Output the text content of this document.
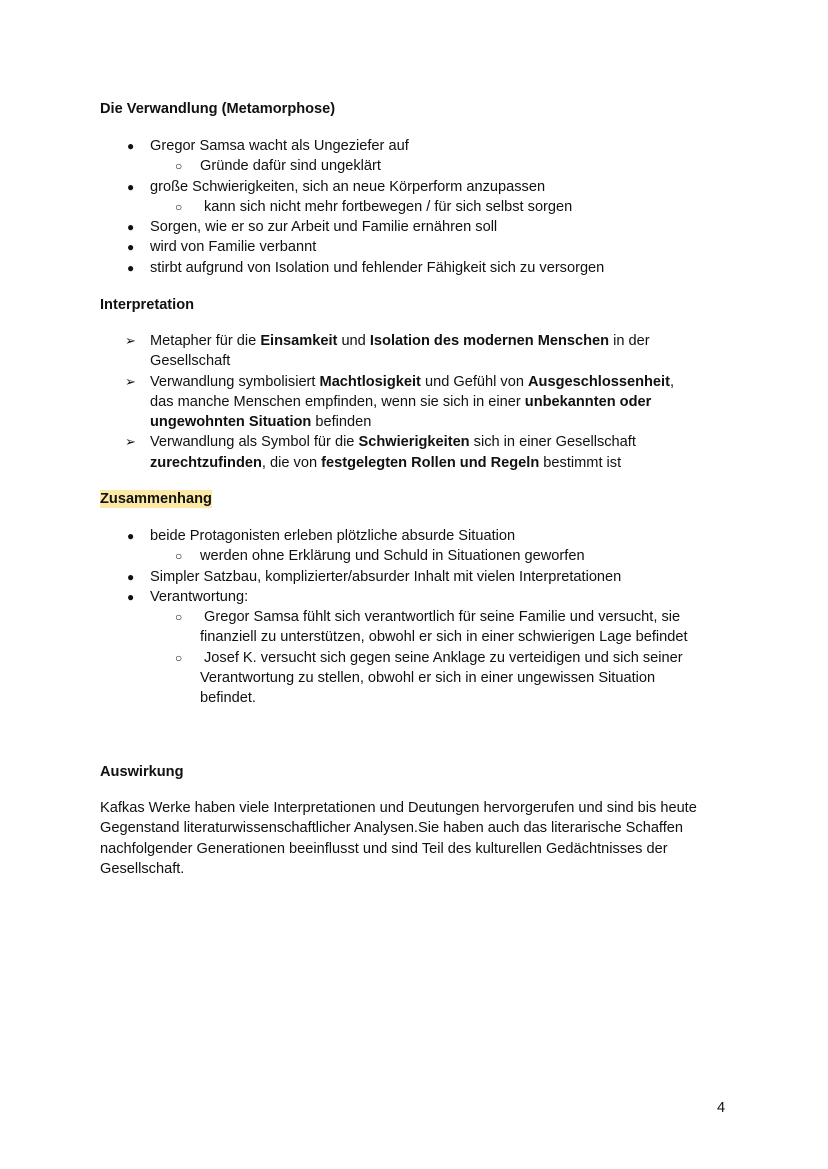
Die Verwandlung (Metamorphose)
● Gregor Samsa wacht als Ungeziefer auf
○ Gründe dafür sind ungeklärt
● große Schwierigkeiten, sich an neue Körperform anzupassen
○ kann sich nicht mehr fortbewegen / für sich selbst sorgen
● Sorgen, wie er so zur Arbeit und Familie ernähren soll
● wird von Familie verbannt
● stirbt aufgrund von Isolation und fehlender Fähigkeit sich zu versorgen
Interpretation
➢ Metapher für die Einsamkeit und Isolation des modernen Menschen in der
Gesellschaft
➢ Verwandlung symbolisiert Machtlosigkeit und Gefühl von Ausgeschlossenheit,
das manche Menschen empfinden, wenn sie sich in einer unbekannten oder
ungewohnten Situation befinden
➢ Verwandlung als Symbol für die Schwierigkeiten sich in einer Gesellschaft
zurechtzufinden, die von festgelegten Rollen und Regeln bestimmt ist
Zusammenhang
● beide Protagonisten erleben plötzliche absurde Situation
○ werden ohne Erklärung und Schuld in Situationen geworfen
● Simpler Satzbau, komplizierter/absurder Inhalt mit vielen Interpretationen
● Verantwortung:
○ Gregor Samsa fühlt sich verantwortlich für seine Familie und versucht, sie
finanziell zu unterstützen, obwohl er sich in einer schwierigen Lage befindet
○ Josef K. versucht sich gegen seine Anklage zu verteidigen und sich seiner
Verantwortung zu stellen, obwohl er sich in einer ungewissen Situation
befindet.
Auswirkung
Kafkas Werke haben viele Interpretationen und Deutungen hervorgerufen und sind bis heute
Gegenstand literaturwissenschaftlicher Analysen.Sie haben auch das literarische Schaffen
nachfolgender Generationen beeinflusst und sind Teil des kulturellen Gedächtnisses der
Gesellschaft.
4
